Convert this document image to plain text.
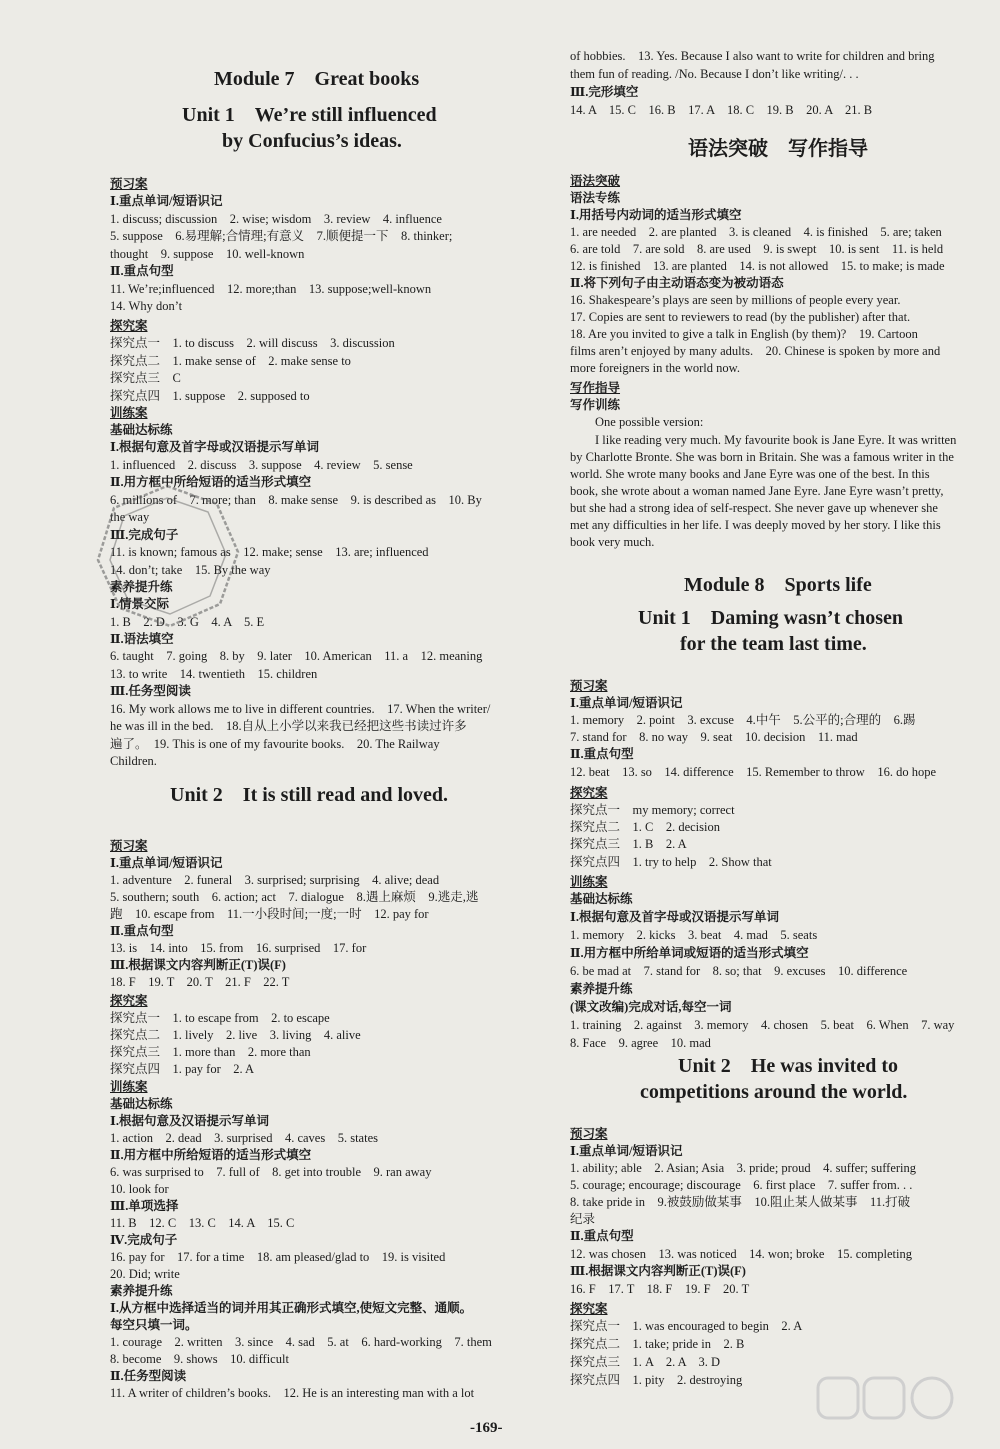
Module 7　Great books
Unit 1　We’re still influenced
by Confucius’s ideas.
预习案
Ⅰ.重点单词/短语识记
1. discuss; discussion　2. wise; wisdom　3. review　4. influence
5. suppose　6.易理解;合情理;有意义　7.顺便提一下　8. thinker;
thought　9. suppose　10. well-known
Ⅱ.重点句型
11. We’re;influenced　12. more;than　13. suppose;well-known
14. Why don’t
探究案
探究点一　1. to discuss　2. will discuss　3. discussion
探究点二　1. make sense of　2. make sense to
探究点三　C
探究点四　1. suppose　2. supposed to
训练案
基础达标练
Ⅰ.根据句意及首字母或汉语提示写单词
1. influenced　2. discuss　3. suppose　4. review　5. sense
Ⅱ.用方框中所给短语的适当形式填空
6. millions of　7. more; than　8. make sense　9. is described as　10. By
the way
Ⅲ.完成句子
11. is known; famous as　12. make; sense　13. are; influenced
14. don’t; take　15. By the way
素养提升练
Ⅰ.情景交际
1. B　2. D　3. G　4. A　5. E
Ⅱ.语法填空
6. taught　7. going　8. by　9. later　10. American　11. a　12. meaning
13. to write　14. twentieth　15. children
Ⅲ.任务型阅读
16. My work allows me to live in different countries.　17. When the writer/
he was ill in the bed.　18.自从上小学以来我已经把这些书读过许多
遍了。　19. This is one of my favourite books.　20. The Railway
Children.
Unit 2　It is still read and loved.
预习案
Ⅰ.重点单词/短语识记
1. adventure　2. funeral　3. surprised; surprising　4. alive; dead
5. southern; south　6. action; act　7. dialogue　8.遇上麻烦　9.逃走,逃
跑　10. escape from　11.一小段时间;一度;一时　12. pay for
Ⅱ.重点句型
13. is　14. into　15. from　16. surprised　17. for
Ⅲ.根据课文内容判断正(T)误(F)
18. F　19. T　20. T　21. F　22. T
探究案
探究点一　1. to escape from　2. to escape
探究点二　1. lively　2. live　3. living　4. alive
探究点三　1. more than　2. more than
探究点四　1. pay for　2. A
训练案
基础达标练
Ⅰ.根据句意及汉语提示写单词
1. action　2. dead　3. surprised　4. caves　5. states
Ⅱ.用方框中所给短语的适当形式填空
6. was surprised to　7. full of　8. get into trouble　9. ran away
10. look for
Ⅲ.单项选择
11. B　12. C　13. C　14. A　15. C
Ⅳ.完成句子
16. pay for　17. for a time　18. am pleased/glad to　19. is visited
20. Did; write
素养提升练
Ⅰ.从方框中选择适当的词并用其正确形式填空,使短文完整、通顺。
每空只填一词。
1. courage　2. written　3. since　4. sad　5. at　6. hard-working　7. them
8. become　9. shows　10. difficult
Ⅱ.任务型阅读
11. A writer of children’s books.　12. He is an interesting man with a lot
of hobbies.　13. Yes. Because I also want to write for children and bring
them fun of reading. /No. Because I don’t like writing/. . .
Ⅲ.完形填空
14. A　15. C　16. B　17. A　18. C　19. B　20. A　21. B
语法突破　写作指导
语法突破
语法专练
Ⅰ.用括号内动词的适当形式填空
1. are needed　2. are planted　3. is cleaned　4. is finished　5. are; taken
6. are told　7. are sold　8. are used　9. is swept　10. is sent　11. is held
12. is finished　13. are planted　14. is not allowed　15. to make; is made
Ⅱ.将下列句子由主动语态变为被动语态
16. Shakespeare’s plays are seen by millions of people every year.
17. Copies are sent to reviewers to read (by the publisher) after that.
18. Are you invited to give a talk in English (by them)?　19. Cartoon
films aren’t enjoyed by many adults.　20. Chinese is spoken by more and
more foreigners in the world now.
写作指导
写作训练
　　One possible version:
　　I like reading very much. My favourite book is Jane Eyre. It was written
by Charlotte Bronte. She was born in Britain. She was a famous writer in the
world. She wrote many books and Jane Eyre was one of the best. In this
book, she wrote about a woman named Jane Eyre. Jane Eyre wasn’t pretty,
but she had a strong idea of self-respect. She never gave up whenever she
met any difficulties in her life. I was deeply moved by her story. I like this
book very much.
Module 8　Sports life
Unit 1　Daming wasn’t chosen
for the team last time.
预习案
Ⅰ.重点单词/短语识记
1. memory　2. point　3. excuse　4.中午　5.公平的;合理的　6.踢
7. stand for　8. no way　9. seat　10. decision　11. mad
Ⅱ.重点句型
12. beat　13. so　14. difference　15. Remember to throw　16. do hope
探究案
探究点一　my memory; correct
探究点二　1. C　2. decision
探究点三　1. B　2. A
探究点四　1. try to help　2. Show that
训练案
基础达标练
Ⅰ.根据句意及首字母或汉语提示写单词
1. memory　2. kicks　3. beat　4. mad　5. seats
Ⅱ.用方框中所给单词或短语的适当形式填空
6. be mad at　7. stand for　8. so; that　9. excuses　10. difference
素养提升练
(课文改编)完成对话,每空一词
1. training　2. against　3. memory　4. chosen　5. beat　6. When　7. way
8. Face　9. agree　10. mad
Unit 2　He was invited to
competitions around the world.
预习案
Ⅰ.重点单词/短语识记
1. ability; able　2. Asian; Asia　3. pride; proud　4. suffer; suffering
5. courage; encourage; discourage　6. first place　7. suffer from. . .
8. take pride in　9.被鼓励做某事　10.阻止某人做某事　11.打破
纪录
Ⅱ.重点句型
12. was chosen　13. was noticed　14. won; broke　15. completing
Ⅲ.根据课文内容判断正(T)误(F)
16. F　17. T　18. F　19. F　20. T
探究案
探究点一　1. was encouraged to begin　2. A
探究点二　1. take; pride in　2. B
探究点三　1. A　2. A　3. D
探究点四　1. pity　2. destroying
-169-
